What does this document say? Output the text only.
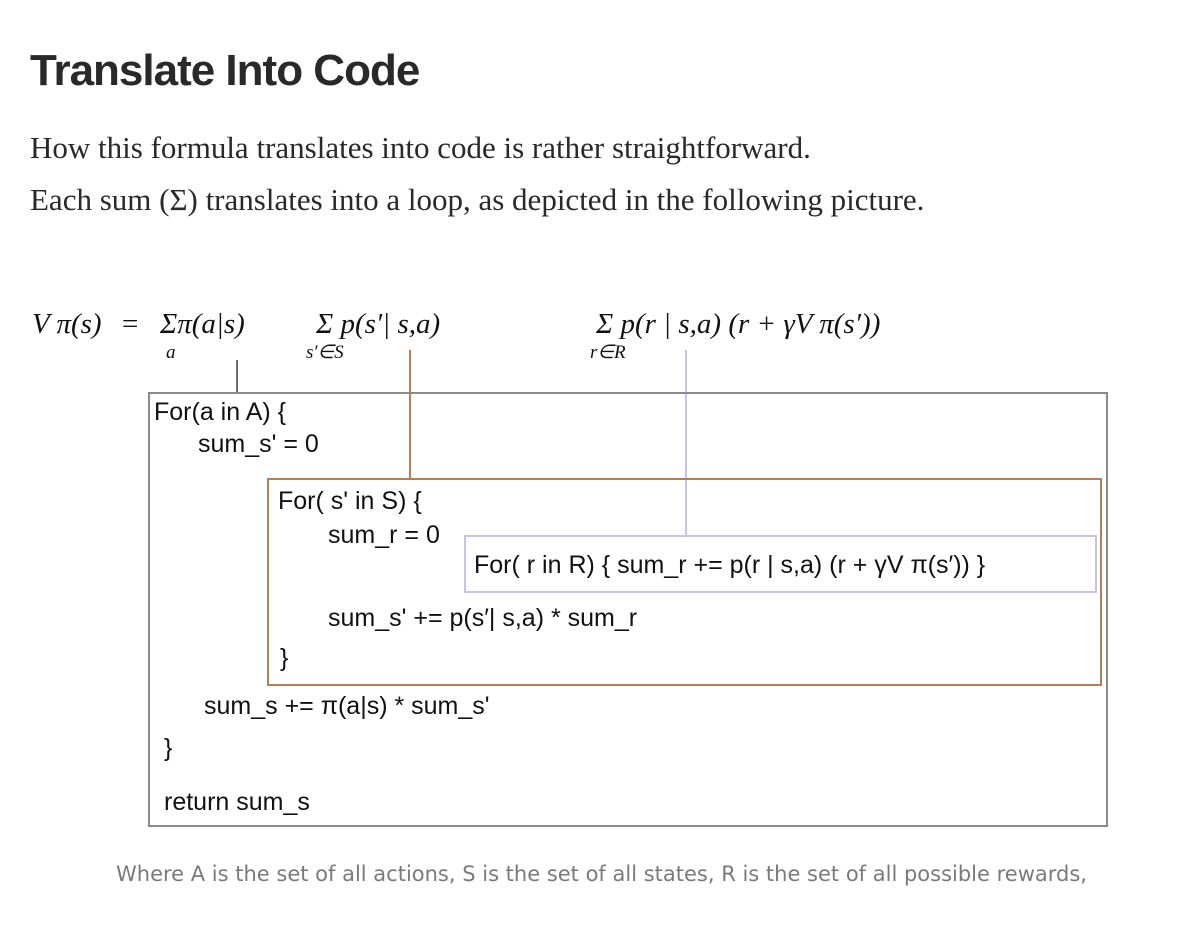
Translate Into Code

How this formula translates into code is rather straightforward.

Each sum (Σ) translates into a loop, as depicted in the following picture.

V π(s) = Σπ(a|s)
a
Σ p(s′| s,a)
s′∈S
Σ p(r | s,a) (r + γV π(s′))
r∈R
For(a in A) {
sum_s' = 0
For( s' in S) {
sum_r = 0
For( r in R) { sum_r += p(r | s,a) (r + γV π(s′)) }
sum_s' += p(s′| s,a) * sum_r
}
sum_s += π(a|s) * sum_s'
}
return sum_s

Where A is the set of all actions, S is the set of all states, R is the set of all possible rewards,
